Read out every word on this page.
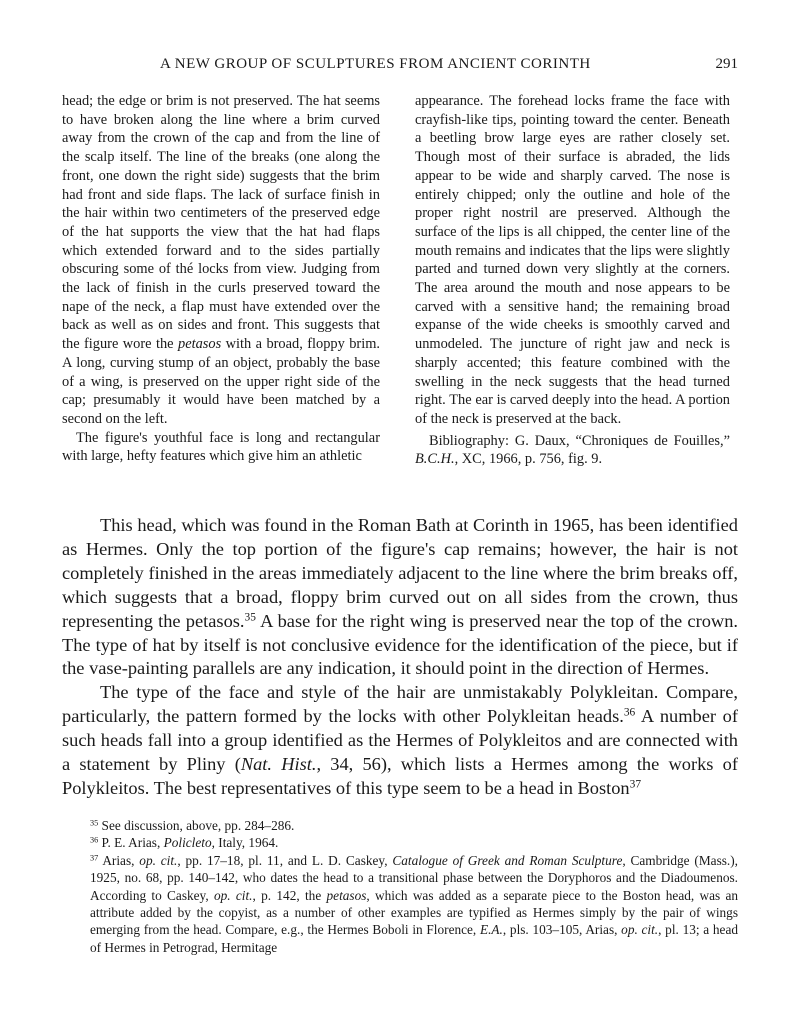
A NEW GROUP OF SCULPTURES FROM ANCIENT CORINTH	291

head; the edge or brim is not preserved. The hat seems to have broken along the line where a brim curved away from the crown of the cap and from the line of the scalp itself. The line of the breaks (one along the front, one down the right side) suggests that the brim had front and side flaps. The lack of surface finish in the hair within two centimeters of the preserved edge of the hat supports the view that the hat had flaps which extended forward and to the sides partially obscuring some of thé locks from view. Judging from the lack of finish in the curls preserved toward the nape of the neck, a flap must have extended over the back as well as on sides and front. This suggests that the figure wore the petasos with a broad, floppy brim. A long, curving stump of an object, probably the base of a wing, is preserved on the upper right side of the cap; presumably it would have been matched by a second on the left.

The figure's youthful face is long and rectangular with large, hefty features which give him an athletic

appearance. The forehead locks frame the face with crayfish-like tips, pointing toward the center. Beneath a beetling brow large eyes are rather closely set. Though most of their surface is abraded, the lids appear to be wide and sharply carved. The nose is entirely chipped; only the outline and hole of the proper right nostril are preserved. Although the surface of the lips is all chipped, the center line of the mouth remains and indicates that the lips were slightly parted and turned down very slightly at the corners. The area around the mouth and nose appears to be carved with a sensitive hand; the remaining broad expanse of the wide cheeks is smoothly carved and unmodeled. The juncture of right jaw and neck is sharply accented; this feature combined with the swelling in the neck suggests that the head turned right. The ear is carved deeply into the head. A portion of the neck is preserved at the back.

Bibliography: G. Daux, “Chroniques de Fouilles,” B.C.H., XC, 1966, p. 756, fig. 9.

This head, which was found in the Roman Bath at Corinth in 1965, has been identified as Hermes. Only the top portion of the figure's cap remains; however, the hair is not completely finished in the areas immediately adjacent to the line where the brim breaks off, which suggests that a broad, floppy brim curved out on all sides from the crown, thus representing the petasos.$^{35}$ A base for the right wing is preserved near the top of the crown. The type of hat by itself is not conclusive evidence for the identification of the piece, but if the vase-painting parallels are any indication, it should point in the direction of Hermes.

The type of the face and style of the hair are unmistakably Polykleitan. Compare, particularly, the pattern formed by the locks with other Polykleitan heads.$^{36}$ A number of such heads fall into a group identified as the Hermes of Polykleitos and are connected with a statement by Pliny (Nat. Hist., 34, 56), which lists a Hermes among the works of Polykleitos. The best representatives of this type seem to be a head in Boston$^{37}$

$^{35}$ See discussion, above, pp. 284–286.

$^{36}$ P. E. Arias, Policleto, Italy, 1964.

$^{37}$ Arias, op. cit., pp. 17–18, pl. 11, and L. D. Caskey, Catalogue of Greek and Roman Sculpture, Cambridge (Mass.), 1925, no. 68, pp. 140–142, who dates the head to a transitional phase between the Doryphoros and the Diadoumenos. According to Caskey, op. cit., p. 142, the petasos, which was added as a separate piece to the Boston head, was an attribute added by the copyist, as a number of other examples are typified as Hermes simply by the pair of wings emerging from the head. Compare, e.g., the Hermes Boboli in Florence, E.A., pls. 103–105, Arias, op. cit., pl. 13; a head of Hermes in Petrograd, Hermitage
